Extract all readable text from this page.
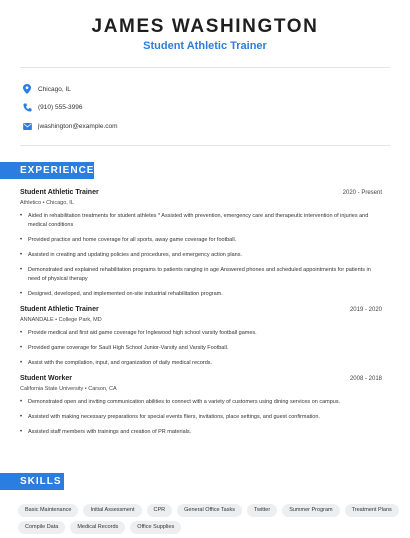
JAMES WASHINGTON
Student Athletic Trainer
Chicago, IL
(910) 555-3996
jwashington@example.com
EXPERIENCE
Student Athletic Trainer	2020 - Present
Athletico • Chicago, IL
•	Aided in rehabilitation treatments for student athletes * Assisted with prevention, emergency care and therapeutic intervention of injuries and medical conditions
•	Provided practice and home coverage for all sports, away game coverage for football.
•	Assisted in creating and updating policies and procedures, and emergency action plans.
•	Demonstrated and explained rehabilitation programs to patients ranging in age Answered phones and scheduled appointments for patients in need of physical therapy
•	Designed, developed, and implemented on-site industrial rehabilitation program.
Student Athletic Trainer	2019 - 2020
ANNANDALE • College Park, MD
•	Provide medical and first aid game coverage for Inglewood high school varsity football games.
•	Provided game coverage for Sault High School Junior-Varsity and Varsity Football.
•	Assist with the compilation, input, and organization of daily medical records.
Student Worker	2008 - 2018
California State University • Carson, CA
•	Demonstrated open and inviting communication abilities to connect with a variety of customers using dining services on campus.
•	Assisted with making necessary preparations for special events fliers, invitations, place settings, and guest confirmation.
•	Assisted staff members with trainings and creation of PR materials.
SKILLS
Basic Maintenance	Initial Assessment	CPR	General Office Tasks	Twitter	Summer Program	Treatment Plans
Compile Data	Medical Records	Office Supplies
